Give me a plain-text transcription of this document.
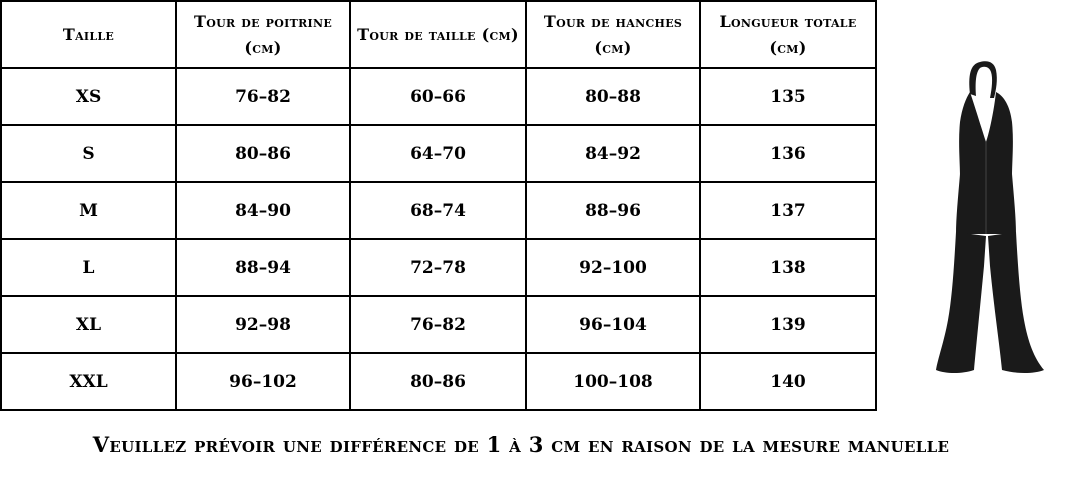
Taille	Tour de poitrine (cm)	Tour de taille (cm)	Tour de hanches (cm)	Longueur totale (cm)
XS	76–82	60–66	80–88	135
S	80–86	64–70	84–92	136
M	84–90	68–74	88–96	137
L	88–94	72–78	92–100	138
XL	92–98	76–82	96–104	139
XXL	96–102	80–86	100–108	140
Veuillez prévoir une différence de 1 à 3 cm en raison de la mesure manuelle
